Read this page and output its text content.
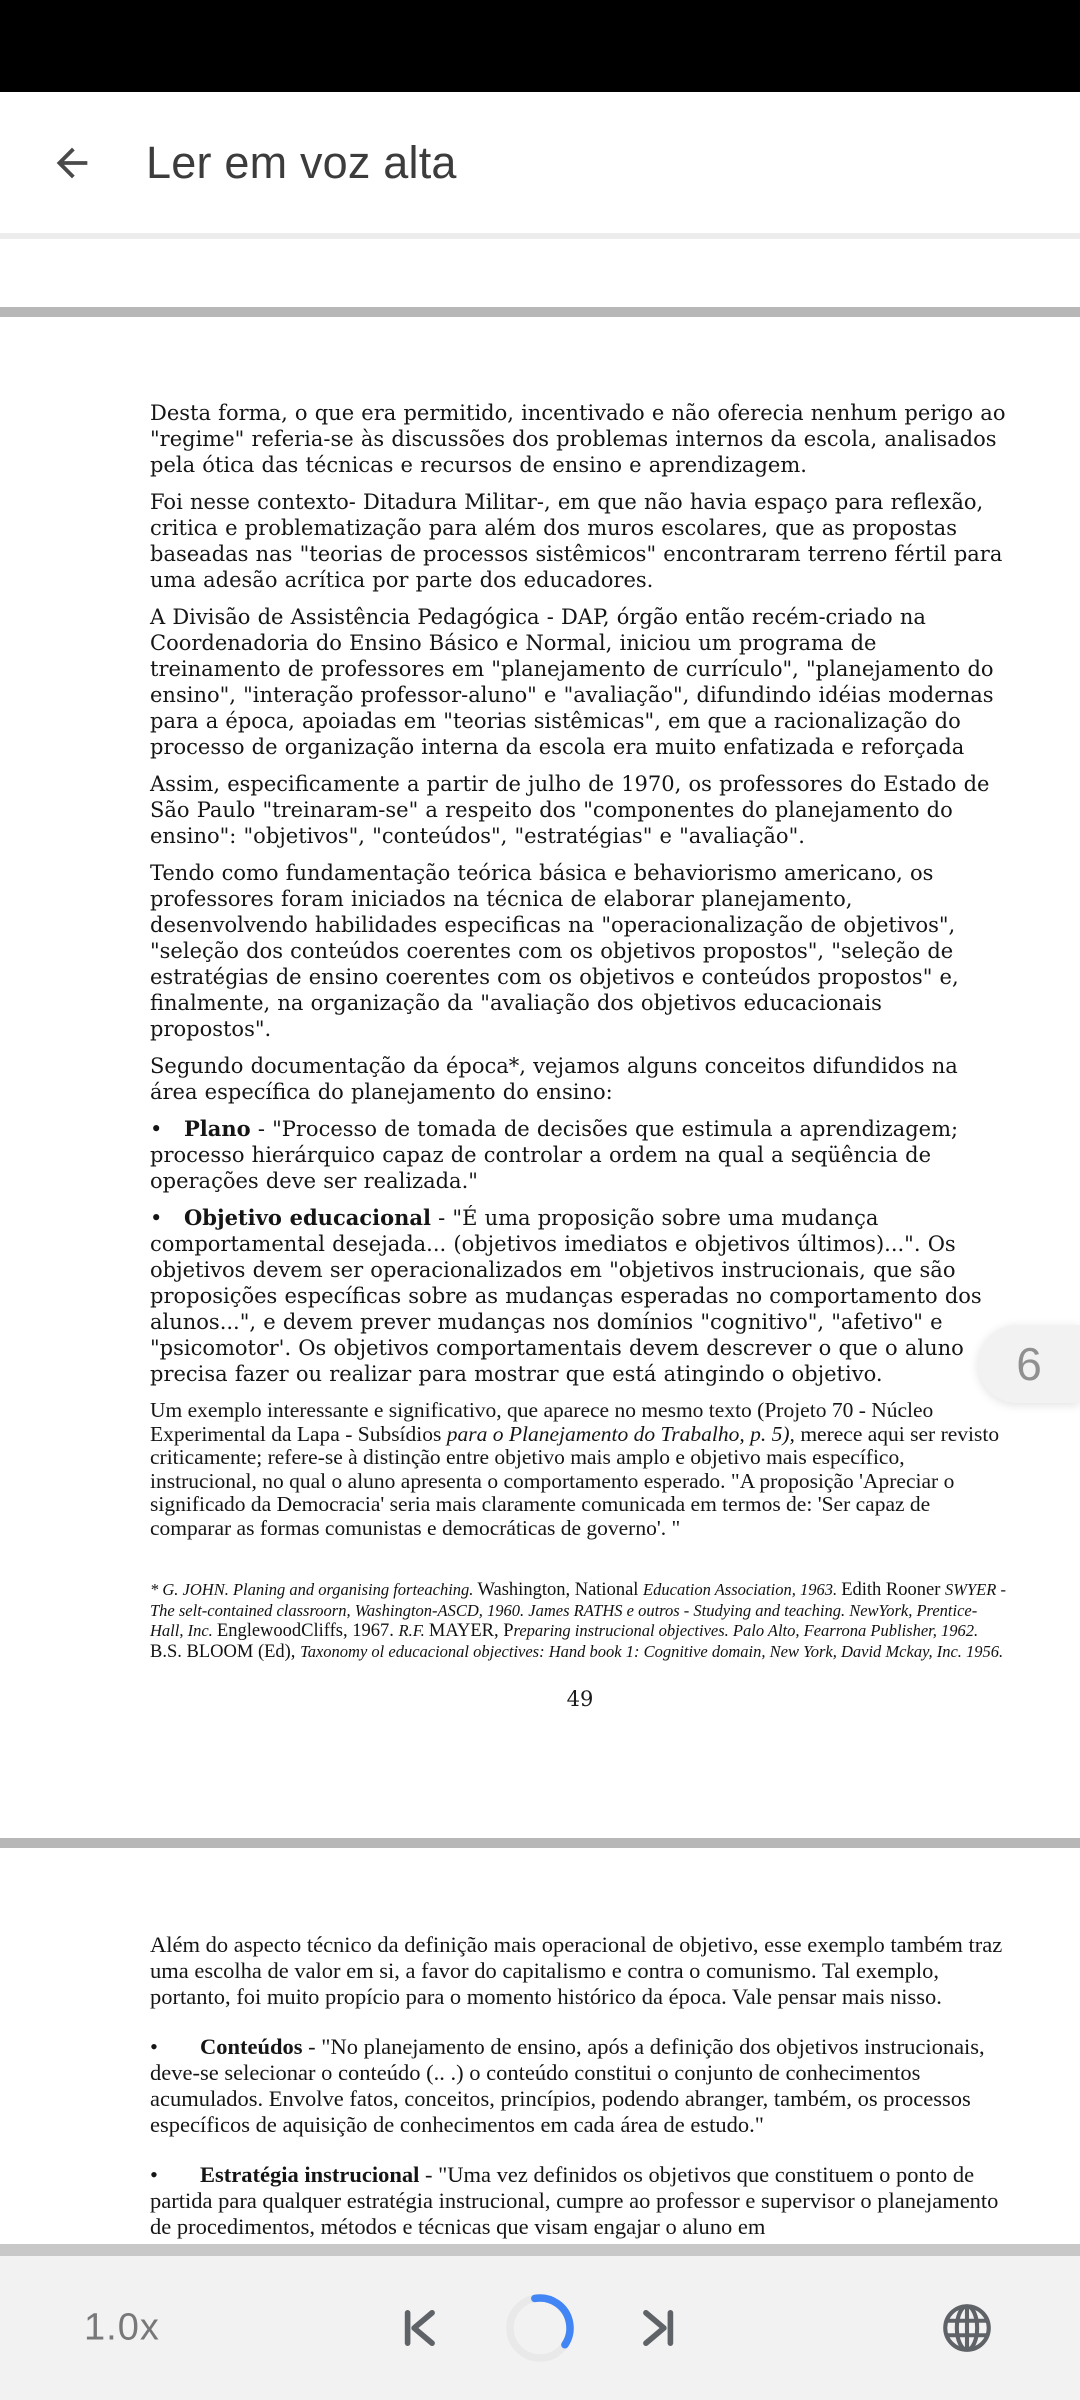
Ler em voz alta

Desta forma, o que era permitido, incentivado e não oferecia nenhum perigo ao "regime" referia-se às discussões dos problemas internos da escola, analisados pela ótica das técnicas e recursos de ensino e aprendizagem.

Foi nesse contexto- Ditadura Militar-, em que não havia espaço para reflexão, critica e problematização para além dos muros escolares, que as propostas baseadas nas "teorias de processos sistêmicos" encontraram terreno fértil para uma adesão acrítica por parte dos educadores.

A Divisão de Assistência Pedagógica - DAP, órgão então recém-criado na Coordenadoria do Ensino Básico e Normal, iniciou um programa de treinamento de professores em "planejamento de currículo", "planejamento do ensino", "interação professor-aluno" e "avaliação", difundindo idéias modernas para a época, apoiadas em "teorias sistêmicas", em que a racionalização do processo de organização interna da escola era muito enfatizada e reforçada

Assim, especificamente a partir de julho de 1970, os professores do Estado de São Paulo "treinaram-se" a respeito dos "componentes do planejamento do ensino": "objetivos", "conteúdos", "estratégias" e "avaliação".

Tendo como fundamentação teórica básica e behaviorismo americano, os professores foram iniciados na técnica de elaborar planejamento, desenvolvendo habilidades especificas na "operacionalização de objetivos", "seleção dos conteúdos coerentes com os objetivos propostos", "seleção de estratégias de ensino coerentes com os objetivos e conteúdos propostos" e, finalmente, na organização da "avaliação dos objetivos educacionais propostos".

Segundo documentação da época*, vejamos alguns conceitos difundidos na área específica do planejamento do ensino:

• Plano - "Processo de tomada de decisões que estimula a aprendizagem; processo hierárquico capaz de controlar a ordem na qual a seqüência de operações deve ser realizada."

• Objetivo educacional - "É uma proposição sobre uma mudança comportamental desejada... (objetivos imediatos e objetivos últimos)...". Os objetivos devem ser operacionalizados em "objetivos instrucionais, que são proposições específicas sobre as mudanças esperadas no comportamento dos alunos...", e devem prever mudanças nos domínios "cognitivo", "afetivo" e "psicomotor'. Os objetivos comportamentais devem descrever o que o aluno precisa fazer ou realizar para mostrar que está atingindo o objetivo.

Um exemplo interessante e significativo, que aparece no mesmo texto (Projeto 70 - Núcleo Experimental da Lapa - Subsídios para o Planejamento do Trabalho, p. 5), merece aqui ser revisto criticamente; refere-se à distinção entre objetivo mais amplo e objetivo mais específico, instrucional, no qual o aluno apresenta o comportamento esperado. "A proposição 'Apreciar o significado da Democracia' seria mais claramente comunicada em termos de: 'Ser capaz de comparar as formas comunistas e democráticas de governo'. "

* G. JOHN. Planing and organising forteaching. Washington, National Education Association, 1963. Edith Rooner SWYER -The selt-contained classroorn, Washington-ASCD, 1960. James RATHS e outros - Studying and teaching. NewYork, Prentice-Hall, Inc. EnglewoodCliffs, 1967. R.F. MAYER, Preparing instrucional objectives. Palo Alto, Fearrona Publisher, 1962. B.S. BLOOM (Ed), Taxonomy ol educacional objectives: Hand book 1: Cognitive domain, New York, David Mckay, Inc. 1956.

49

Além do aspecto técnico da definição mais operacional de objetivo, esse exemplo também traz uma escolha de valor em si, a favor do capitalismo e contra o comunismo. Tal exemplo, portanto, foi muito propício para o momento histórico da época. Vale pensar mais nisso.

• Conteúdos - "No planejamento de ensino, após a definição dos objetivos instrucionais, deve-se selecionar o conteúdo (.. .) o conteúdo constitui o conjunto de conhecimentos acumulados. Envolve fatos, conceitos, princípios, podendo abranger, também, os processos específicos de aquisição de conhecimentos em cada área de estudo."

• Estratégia instrucional - "Uma vez definidos os objetivos que constituem o ponto de partida para qualquer estratégia instrucional, cumpre ao professor e supervisor o planejamento de procedimentos, métodos e técnicas que visam engajar o aluno em

6
1.0x
